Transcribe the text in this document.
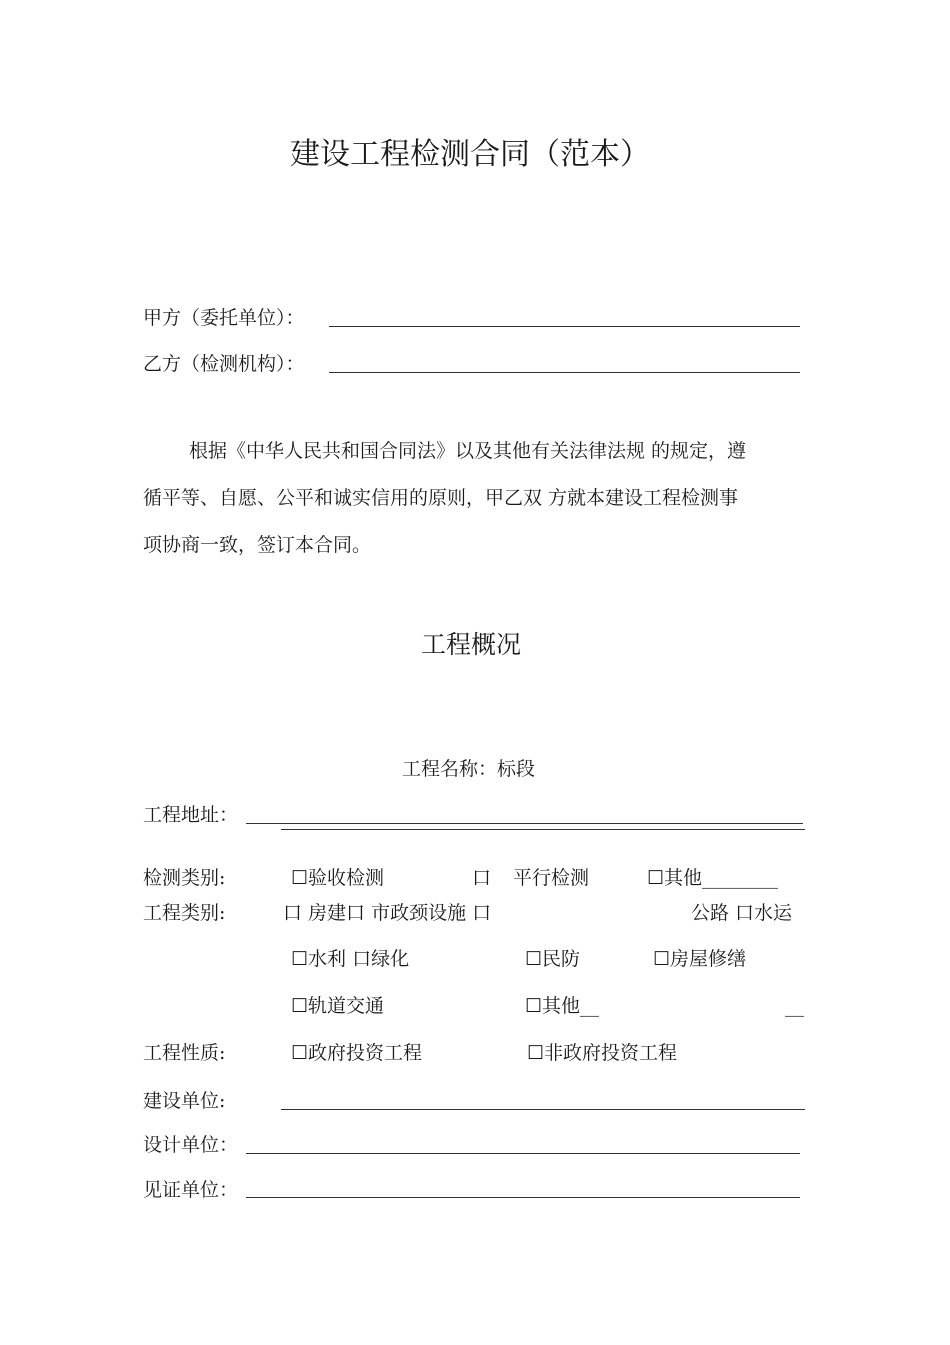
建设工程检测合同（范本）
甲方（委托单位）：
乙方（检测机构）：
根据《中华人民共和国合同法》以及其他有关法律法规 的规定，遵
循平等、自愿、公平和诚实信用的原则，甲乙双 方就本建设工程检测事
项协商一致，签订本合同。
工程概况
工程名称：标段
工程地址：
检测类别:	☐验收检测	口 平行检测	☐其他________
工程类别:	口 房建口 市政颈设施 口	公路 口水运
☐水利 口绿化	☐民防	☐房屋修缮
☐轨道交通	☐其他__	__
工程性质:	☐政府投资工程	☐非政府投资工程
建设单位:
设计单位：
见证单位：
